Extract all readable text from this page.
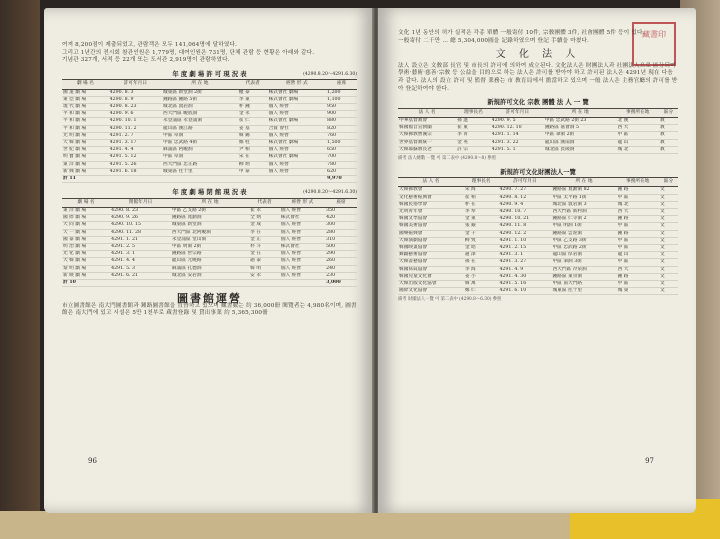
여져 8,200점이 제출되었고, 관람객은 모두 141,064명에 달하였다.

그리고 1년간의 전시회 참관인원은 1,779명, 대여인원은 731명, 단체 관람 등 현황은 아래와 같다.

기념관 327개, 서적 등 22개 또는 도서관 2,919명이 관람하였다.

年 度 劇 場 許 可 現 況 表	(4290.8.20～4291.6.30)
劇 場 名	許可年月日	所 在 地	代表者	經營 形 式	座席
國 道 劇 場	4290. 8. 3	城東區 新堂洞 2街	權 泰	株式會社 劇場	1,200
東 亞 劇 場	4290. 8. 9	鍾路區 鍾路 5街	李 東	株式會社 劇場	1,100
現 代 劇 場	4290. 8. 23	城北區 敦岩洞	朴 鍾	個人 經營	950
平 和 劇 場	4290. 9. 6	西大門區 峴底洞	金 永	個人 經營	900
平 和 劇 場	4290. 10. 1	永登浦區 永登浦洞	崔 仁	株式會社 劇場	880
平 和 劇 場	4290. 11. 2	龍山區 漢江路	姜 基	合資 會社	820
光 明 劇 場	4291. 2. 7	中區 草洞	韓 錫	個人 經營	760
大 韓 劇 場	4291. 3. 17	中區 忠武路 4街	鄭 柱	株式會社 劇場	1,500
世 紀 劇 場	4291. 4. 4	麻浦區 阿峴洞	尹 相	個人 經營	650
明 寶 劇 場	4291. 5. 12	中區 草洞	宋 在	株式會社 劇場	700
東 洋 劇 場	4291. 5. 26	西大門區 忠正路	柳 炳	個人 經營	780
新 興 劇 場	4291. 6. 18	城東區 往十里	申 泰	個人 經營	620
計 11					9,970
年 度 劇 場 閉 館 現 況 表	(4290.8.20～4291.6.30)
劇 場 名	閉館年月日	所 在 地	代表者	經營 形 式	座席
東 洋 劇 場	4290. 8. 23	中區 乙支路 2街	崔 永	個人 經營	350
國 際 劇 場	4290. 9. 26	鍾路區 寬勳洞	全 炳	株式會社	420
大 同 劇 場	4290. 10. 15	城東區 新堂洞	金 成	個人 經營	300
天 一 劇 場	4290. 11. 28	西大門區 北阿峴洞	李 在	個人 經營	280
國 泰 劇 場	4291. 1. 21	永登浦區 堂山洞	金 正	個人 經營	310
明 治 劇 場	4291. 2. 5	中區 明洞 2街	朴 斗	株式會社	500
光 化 劇 場	4291. 3. 1	鍾路區 世宗路	金 在	個人 經營	290
大 韓 劇 場	4291. 4. 4	龍山區 元曉路	趙 泰	個人 經營	260
黎 明 劇 場	4291. 5. 3	麻浦區 孔德洞	韓 明	個人 經營	240
新 映 劇 場	4291. 6. 21	城北區 安岩洞	安 永	個人 經營	230
計 10					3,000
圖書館運營

市立圖書館은 南大門圖書館과 鍾路圖書館을 直營하고 있으며 藏書數는 約 36,000冊 閱覽者는 4,980名이며, 圖書館은 南大門에 있고 시설은 5만 1천부로 蔵書登錄 및 貸出事業 約 5,365,300冊

96
藏書印

文化 1년 동안의 허가 실적은 각종 單體 一般寄付 10件, 宗敎團體 3件, 社會團體 5件 등이 있다.

一般寄付 二千만 … 總 5,304,000圓을 記錄하였으며 登記 手續을 마쳤다.

文 化 法 人

法人 設立은 文敎部 長官 및 市長의 許可에 의하여 成立된다. 文化法人은 財團法人과 社團法人으로 區分되며 學術·藝術·慈善·宗敎 등 公益을 目的으로 하는 法人은 許可를 받아야 하고 許可된 法人은 4291년 現在 다음과 같다. 法人의 設立 許可 및 監督 業務는 市 敎育局에서 擔當하고 있으며 一般 法人은 主務官廳의 許可를 받아 登記하여야 한다.

新規許可文化 宗教 團體 法 人 一 覽
法 人 名	理事長名	許可年月日	所 在 地	事務所在地	區分
中華基督教會	孫 進	4290. 9. 5	中區 忠武路 2街 23	北 漢	教
韓國福音宣敎團	崔 東	4290. 12. 10	鍾路區 嘉會洞 5	西 大	教
大韓佛敎曹溪宗	李 靑	4291. 1. 14	中區 筆洞 2街	中 區	教
世界基督教統一	金 英	4291. 3. 22	龍山區 漢南洞	龍 山	教
大韓耶蘇敎長老	許 宗	4291. 5. 1	城北區 貞陵洞	城 北	教
備考 法人總數 一覽 이 第二表中 (4290.8～8) 參照
新規許可文化財團法人一覽
法 人 名	理事長名	許可年月日	所 在 地	事務所在地	區分
大韓佛敎會	宋 海	4290. 7. 27	鍾路區 寬勳洞 82	鍾 路	文
文化藝術振興會	崔 相	4290. 8. 12	中區 太平路 1街	中 區	文
韓國民俗學會	朴 在	4290. 9. 4	城北區 敦岩洞 3	城 北	文
光明靑年會	李 奉	4290. 10. 7	西大門區 新村洞	西 大	文
韓國文學協會	金 東	4290. 10. 21	鍾路區 仁寺洞 2	鍾 路	文
韓國美術協會	張 銀	4290. 11. 8	中區 明洞 1街	中 區	文
國樂振興會	金 千	4290. 12. 2	鍾路區 雲泥洞	鍾 路	文
大韓演劇協會	柳 致	4291. 1. 10	中區 乙支路 3街	中 區	文
韓國映畫協會	金 昭	4291. 2. 15	中區 忠武路 2街	中 區	文
舞踊藝術協會	趙 澤	4291. 3. 1	龍山區 厚岩洞	龍 山	文
大韓書藝協會	孫 在	4291. 3. 27	中區 筆洞 3街	中 區	文
韓國寫眞協會	李 海	4291. 4. 9	西大門區 冷泉洞	西 大	文
韓國兒童文化會	姜 小	4291. 4. 30	鍾路區 東崇洞	鍾 路	文
大韓出版文化協會	韓 萬	4291. 5. 16	中區 南大門路	中 區	文
國際文化協會	鄭 仁	4291. 6. 10	城東區 往十里	城 東	文
備考 財團法人一覽 이 第二表中 (4290.8～6.30) 參照
97
